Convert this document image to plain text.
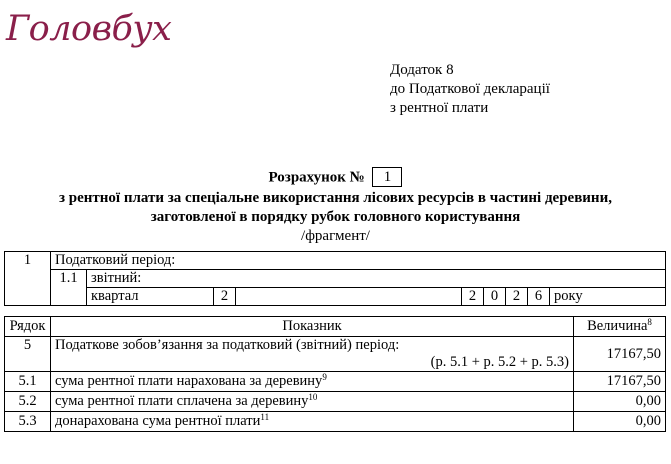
Головбух
Додаток 8
до Податкової декларації
з рентної плати
Розрахунок № 1
з рентної плати за спеціальне використання лісових ресурсів в частині деревини,
заготовленої в порядку рубок головного користування
/фрагмент/
1	Податковий період:								
	1.1	звітний:							
		квартал	2		2	0	2	6	року
Рядок	Показник	Величина$^8$
5	Податкове зобов’язання за податковий (звітний) період:
(р. 5.1 + р. 5.2 + р. 5.3)	17167,50
5.1	сума рентної плати нарахована за деревину$^9$	17167,50
5.2	сума рентної плати сплачена за деревину$^{10}$	0,00
5.3	донарахована сума рентної плати$^{11}$	0,00
